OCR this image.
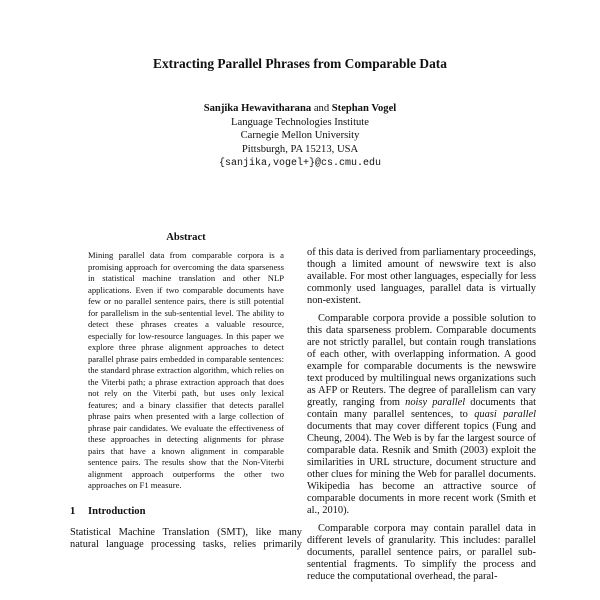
Extracting Parallel Phrases from Comparable Data
Sanjika Hewavitharana and Stephan Vogel
Language Technologies Institute
Carnegie Mellon University
Pittsburgh, PA 15213, USA
{sanjika,vogel+}@cs.cmu.edu
Abstract
Mining parallel data from comparable corpora is a promising approach for overcoming the data sparseness in statistical machine translation and other NLP applications. Even if two comparable documents have few or no parallel sentence pairs, there is still potential for parallelism in the sub-sentential level. The ability to detect these phrases creates a valuable resource, especially for low-resource languages. In this paper we explore three phrase alignment approaches to detect parallel phrase pairs embedded in comparable sentences: the standard phrase extraction algorithm, which relies on the Viterbi path; a phrase extraction approach that does not rely on the Viterbi path, but uses only lexical features; and a binary classifier that detects parallel phrase pairs when presented with a large collection of phrase pair candidates. We evaluate the effectiveness of these approaches in detecting alignments for phrase pairs that have a known alignment in comparable sentence pairs. The results show that the Non-Viterbi alignment approach outperforms the other two approaches on F1 measure.
1 Introduction
Statistical Machine Translation (SMT), like many
natural language processing tasks, relies primarily

of this data is derived from parliamentary proceedings, though a limited amount of newswire text is also available. For most other languages, especially for less commonly used languages, parallel data is virtually non-existent.

Comparable corpora provide a possible solution to this data sparseness problem. Comparable documents are not strictly parallel, but contain rough translations of each other, with overlapping information. A good example for comparable documents is the newswire text produced by multilingual news organizations such as AFP or Reuters. The degree of parallelism can vary greatly, ranging from noisy parallel documents that contain many parallel sentences, to quasi parallel documents that may cover different topics (Fung and Cheung, 2004). The Web is by far the largest source of comparable data. Resnik and Smith (2003) exploit the similarities in URL structure, document structure and other clues for mining the Web for parallel documents. Wikipedia has become an attractive source of comparable documents in more recent work (Smith et al., 2010).

Comparable corpora may contain parallel data in different levels of granularity. This includes: parallel documents, parallel sentence pairs, or parallel sub-sentential fragments. To simplify the process and reduce the computational overhead, the paral-
